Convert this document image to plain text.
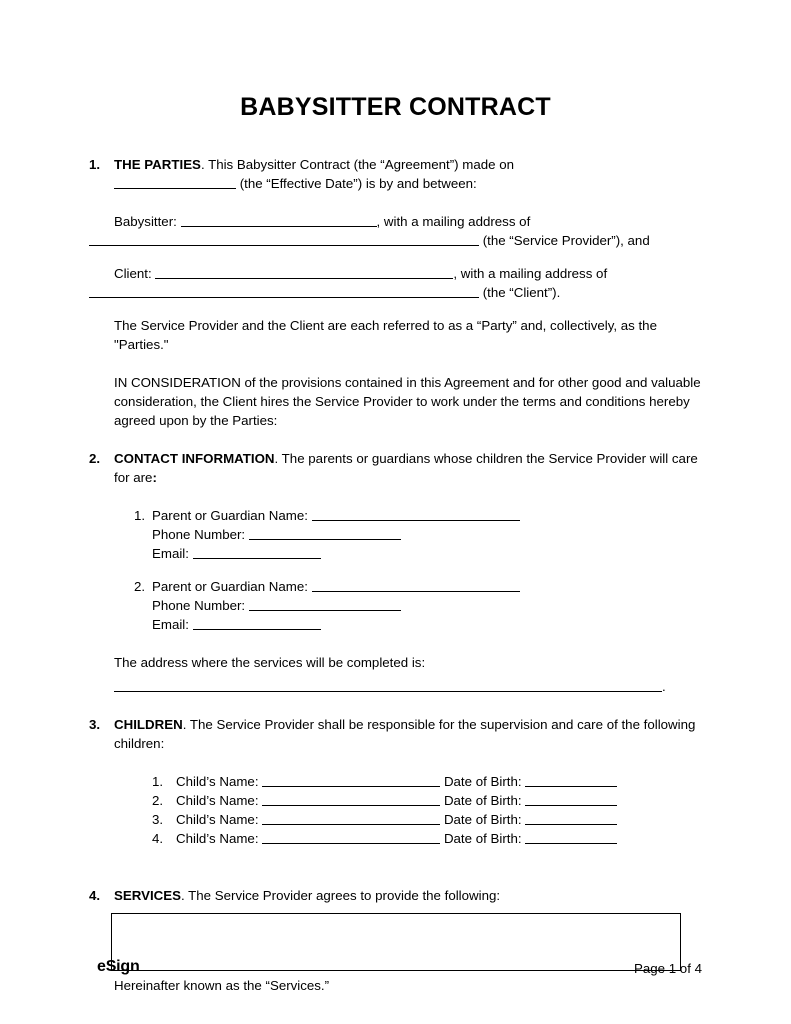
BABYSITTER CONTRACT
1. THE PARTIES. This Babysitter Contract (the “Agreement”) made on
(the “Effective Date”) is by and between:
Babysitter:	, with a mailing address of
(the “Service Provider”), and
Client:	, with a mailing address of
(the “Client”).

The Service Provider and the Client are each referred to as a “Party” and, collectively, as the "Parties."

IN CONSIDERATION of the provisions contained in this Agreement and for other good and valuable consideration, the Client hires the Service Provider to work under the terms and conditions hereby agreed upon by the Parties:

2. CONTACT INFORMATION. The parents or guardians whose children the Service Provider will care for are:

1. Parent or Guardian Name:
Phone Number:
Email:
2. Parent or Guardian Name:
Phone Number:
Email:

The address where the services will be completed is:

.
3. CHILDREN. The Service Provider shall be responsible for the supervision and care of the following children:

1. Child’s Name:	Date of Birth:
2. Child’s Name:	Date of Birth:
3. Child’s Name:	Date of Birth:
4. Child’s Name:	Date of Birth:
4. SERVICES. The Service Provider agrees to provide the following:

Hereinafter known as the “Services.”

eSign	Page 1 of 4
